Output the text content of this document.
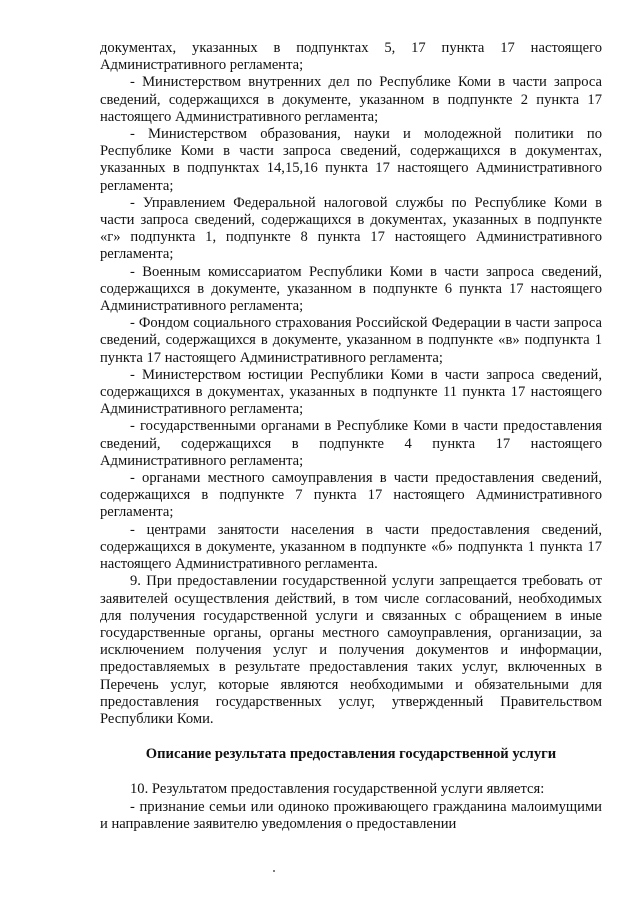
документах, указанных в подпунктах 5, 17 пункта 17 настоящего Административного регламента;

- Министерством внутренних дел по Республике Коми в части запроса сведений, содержащихся в документе, указанном в подпункте 2 пункта 17 настоящего Административного регламента;

- Министерством образования, науки и молодежной политики по Республике Коми в части запроса сведений, содержащихся в документах, указанных в подпунктах 14,15,16 пункта 17 настоящего Административного регламента;

- Управлением Федеральной налоговой службы по Республике Коми в части запроса сведений, содержащихся в документах, указанных в подпункте «г» подпункта 1, подпункте 8 пункта 17 настоящего Административного регламента;

- Военным комиссариатом Республики Коми в части запроса сведений, содержащихся в документе, указанном в подпункте 6 пункта 17 настоящего Административного регламента;

- Фондом социального страхования Российской Федерации в части запроса сведений, содержащихся в документе, указанном в подпункте «в» подпункта 1 пункта 17 настоящего Административного регламента;

- Министерством юстиции Республики Коми в части запроса сведений, содержащихся в документах, указанных в подпункте 11 пункта 17 настоящего Административного регламента;

- государственными органами в Республике Коми в части предоставления сведений, содержащихся в подпункте 4 пункта 17 настоящего Административного регламента;

- органами местного самоуправления в части предоставления сведений, содержащихся в подпункте 7 пункта 17 настоящего Административного регламента;

- центрами занятости населения в части предоставления сведений, содержащихся в документе, указанном в подпункте «б» подпункта 1 пункта 17 настоящего Административного регламента.

9. При предоставлении государственной услуги запрещается требовать от заявителей осуществления действий, в том числе согласований, необходимых для получения государственной услуги и связанных с обращением в иные государственные органы, органы местного самоуправления, организации, за исключением получения услуг и получения документов и информации, предоставляемых в результате предоставления таких услуг, включенных в Перечень услуг, которые являются необходимыми и обязательными для предоставления государственных услуг, утвержденный Правительством Республики Коми.

Описание результата предоставления государственной услуги

10. Результатом предоставления государственной услуги является:

- признание семьи или одиноко проживающего гражданина малоимущими и направление заявителю уведомления о предоставлении
